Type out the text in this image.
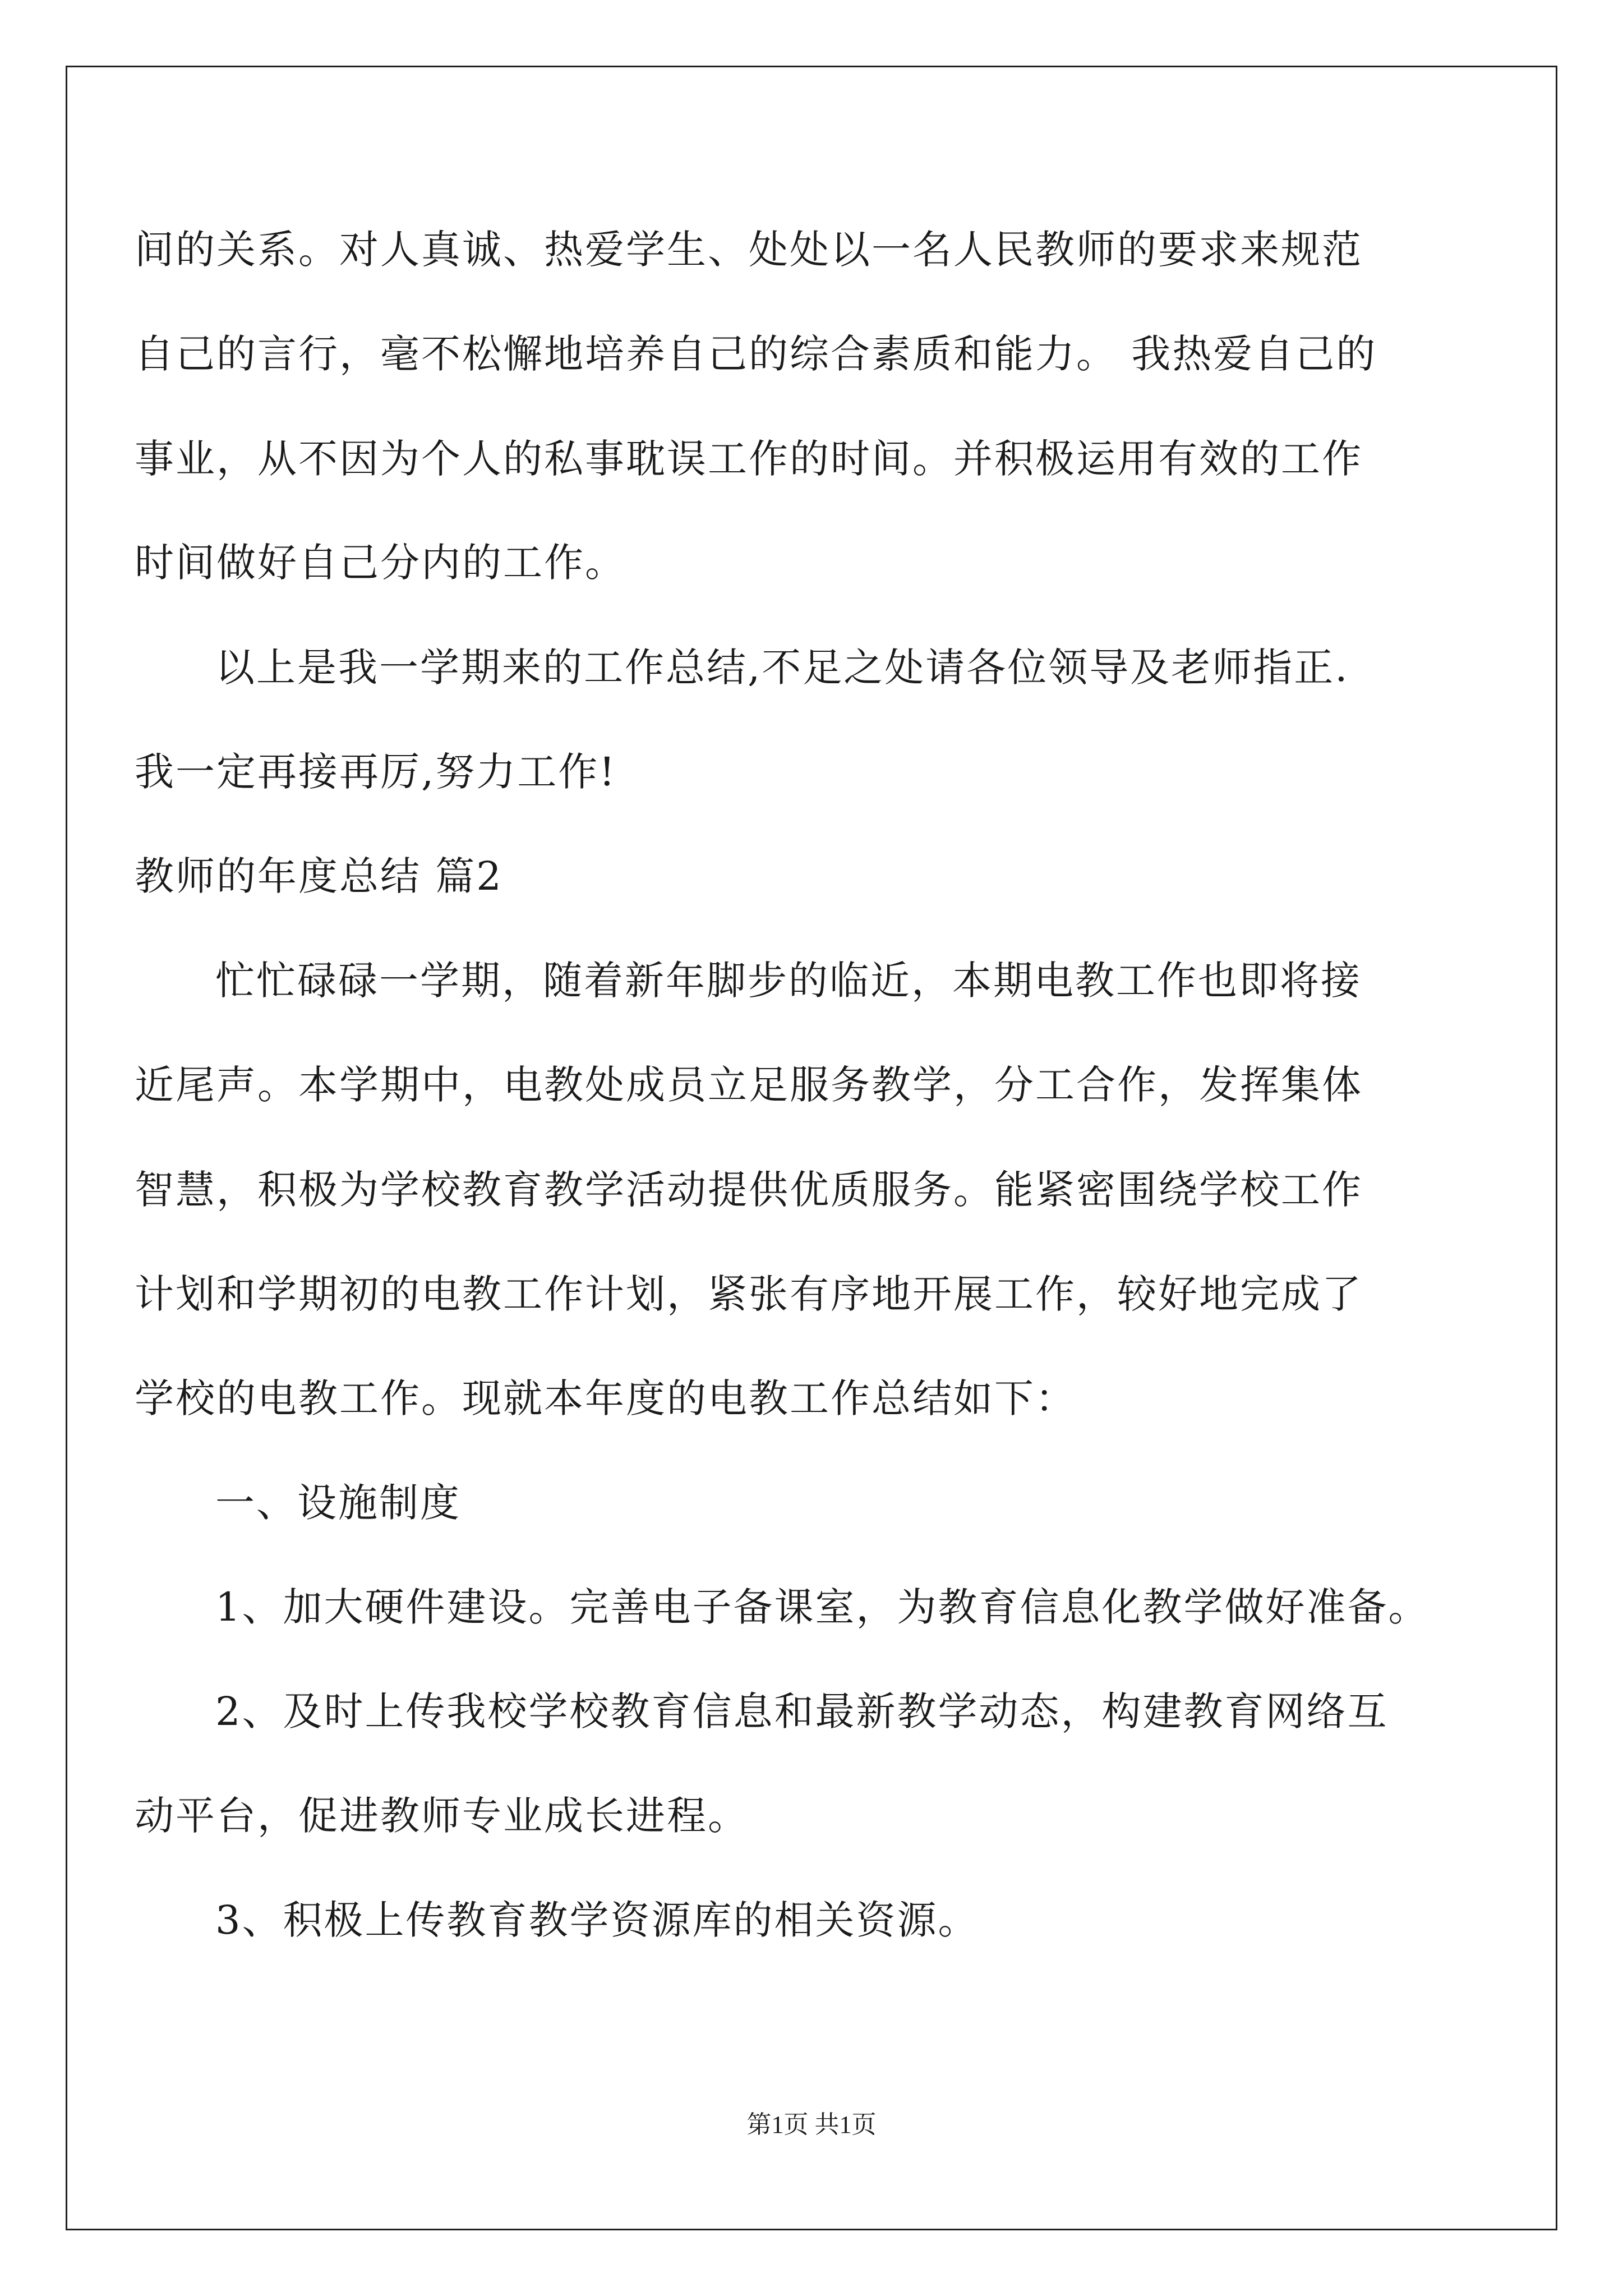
间的关系。对人真诚、热爱学生、处处以一名人民教师的要求来规范
自己的言行，毫不松懈地培养自己的综合素质和能力。 我热爱自己的
事业，从不因为个人的私事耽误工作的时间。并积极运用有效的工作
时间做好自己分内的工作。
以上是我一学期来的工作总结,不足之处请各位领导及老师指正.
我一定再接再厉,努力工作!
教师的年度总结 篇2
忙忙碌碌一学期，随着新年脚步的临近，本期电教工作也即将接
近尾声。本学期中，电教处成员立足服务教学，分工合作，发挥集体
智慧，积极为学校教育教学活动提供优质服务。能紧密围绕学校工作
计划和学期初的电教工作计划，紧张有序地开展工作，较好地完成了
学校的电教工作。现就本年度的电教工作总结如下：
一、设施制度
1、加大硬件建设。完善电子备课室，为教育信息化教学做好准备。
2、及时上传我校学校教育信息和最新教学动态，构建教育网络互
动平台，促进教师专业成长进程。
3、积极上传教育教学资源库的相关资源。
第1页 共1页
